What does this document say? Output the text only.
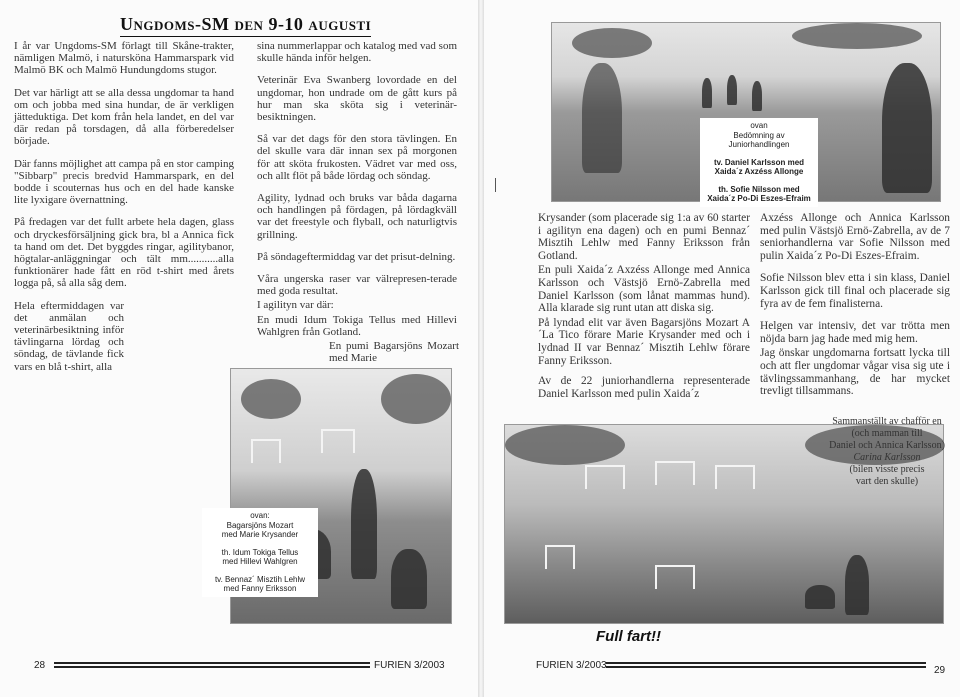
Ungdoms-SM den 9-10 augusti

I år var Ungdoms-SM förlagt till Skåne-trakter, nämligen Malmö, i natursköna Hammarspark vid Malmö BK och Malmö Hundungdoms stugor.

Det var härligt att se alla dessa ungdomar ta hand om och jobba med sina hundar, de är verkligen jätteduktiga. Det kom från hela landet, en del var där redan på torsdagen, då alla förberedelser började.

Där fanns möjlighet att campa på en stor camping "Sibbarp" precis bredvid Hammarspark, en del bodde i scouternas hus och en del hade kanske lite lyxigare övernattning.

På fredagen var det fullt arbete hela dagen, glass och dryckesförsäljning gick bra, bl a Annica fick ta hand om det. Det byggdes ringar, agilitybanor, högtalar-anläggningar och tält mm...........alla funktionärer hade fått en röd t-shirt med årets logga på, så alla såg dem.

Hela eftermiddagen var det anmälan och veterinärbesiktning inför tävlingarna lördag och söndag, de tävlande fick vars en blå t-shirt, alla

sina nummerlappar och katalog med vad som skulle hända inför helgen.

Veterinär Eva Swanberg lovordade en del ungdomar, hon undrade om de gått kurs på hur man ska sköta sig i veterinär-besiktningen.

Så var det dags för den stora tävlingen. En del skulle vara där innan sex på morgonen för att sköta frukosten. Vädret var med oss, och allt flöt på både lördag och söndag.

Agility, lydnad och bruks var båda dagarna och handlingen på fördagen, på lördagkväll var det freestyle och flyball, och naturligtvis grillning.

På söndageftermiddag var det prisut-delning.

Våra ungerska raser var välrepresen-terade med goda resultat.

I agilityn var där:

En mudi Idum Tokiga Tellus med Hillevi Wahlgren från Gotland.

En pumi Bagarsjöns Mozart med Marie

ovan:
Bagarsjöns Mozart
med Marie Krysander
th. Idum Tokiga Tellus
med Hillevi Wahlgren
tv. Bennaz´ Misztih Lehlw
med Fanny Eriksson
28	FURIEN 3/2003
ovan
Bedömning av
Juniorhandlingen
tv. Daniel Karlsson med
Xaida´z Axzéss Allonge
th. Sofie Nilsson med
Xaida´z Po-Di Eszes-Efraim

Krysander (som placerade sig 1:a av 60 starter i agilityn ena dagen) och en pumi Bennaz´ Misztih Lehlw med Fanny Eriksson från Gotland.

En puli Xaida´z Axzéss Allonge med Annica Karlsson och Västsjö Ernö-Zabrella med Daniel Karlsson (som lånat mammas hund). Alla klarade sig runt utan att diska sig.

På lyndad elit var även Bagarsjöns Mozart A´La Tico förare Marie Krysander med och i lydnad II var Bennaz´ Misztih Lehlw förare Fanny Eriksson.

Av de 22 juniorhandlerna representerade Daniel Karlsson med pulin Xaida´z

Axzéss Allonge och Annica Karlsson med pulin Västsjö Ernö-Zabrella, av de 7 seniorhandlerna var Sofie Nilsson med pulin Xaida´z Po-Di Eszes-Efraim.

Sofie Nilsson blev etta i sin klass, Daniel Karlsson gick till final och placerade sig fyra av de fem finalisterna.

Helgen var intensiv, det var trötta men nöjda barn jag hade med mig hem.

Jag önskar ungdomarna fortsatt lycka till och att fler ungdomar vågar visa sig ute i tävlingssammanhang, de har mycket trevligt tillsammans.

Sammanställt av chafför en
(och mamman till
Daniel och Annica Karlsson)
Carina Karlsson
(bilen visste precis
vart den skulle)
Full fart!!
FURIEN 3/2003	29
